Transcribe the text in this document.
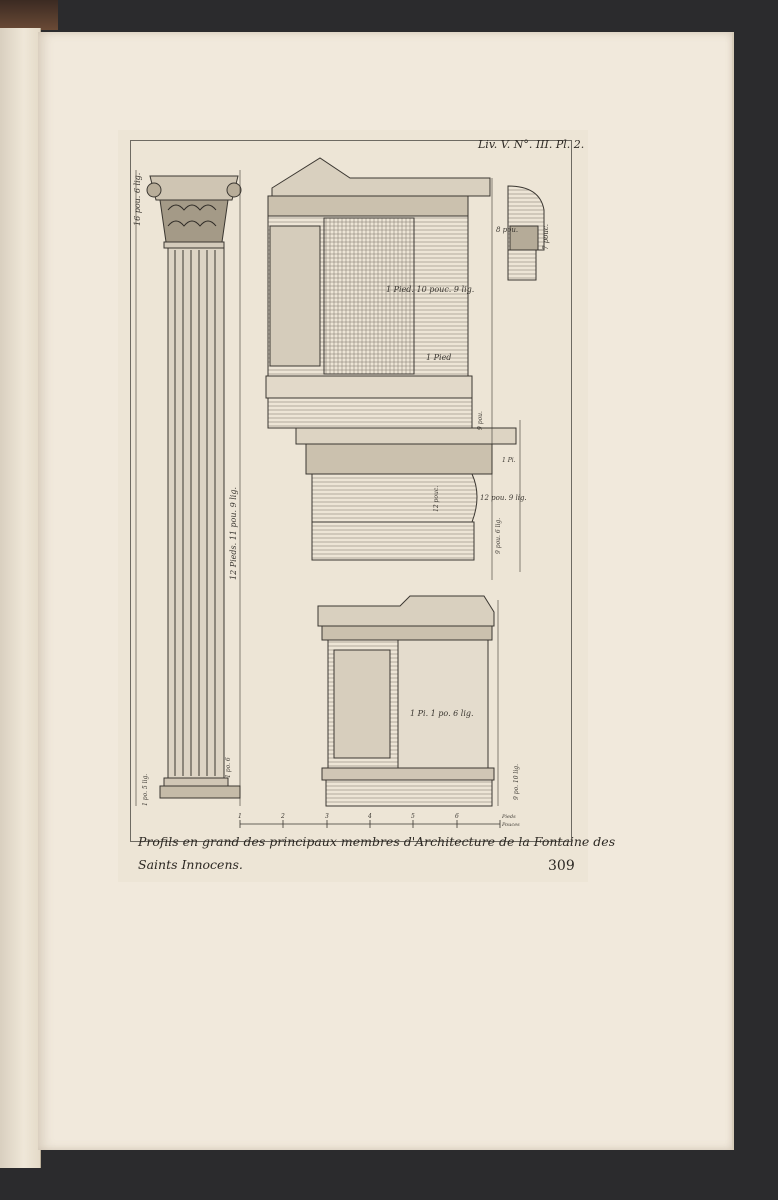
16 pou. 6 lig.
12 Pieds. 11 pou. 9 lig.
1 po. 5 lig.
1 po. 6
1 Pied. 10 pouc. 9 lig.
1 Pied
8 pou.
9 pou.
7 pouc.
12 pouc.	12 pou. 9 lig.
9 pou. 6 lig.
1 Pi.
1 Pi. 1 po. 6 lig.
9 po. 10 lig.
1	2	3	4	5	6	Pieds
Pouces
Liv. V. N°. III. Pl. 2.
Profils en grand des principaux membres d'Architecture de la Fontaine des
Saints Innocens.	309
